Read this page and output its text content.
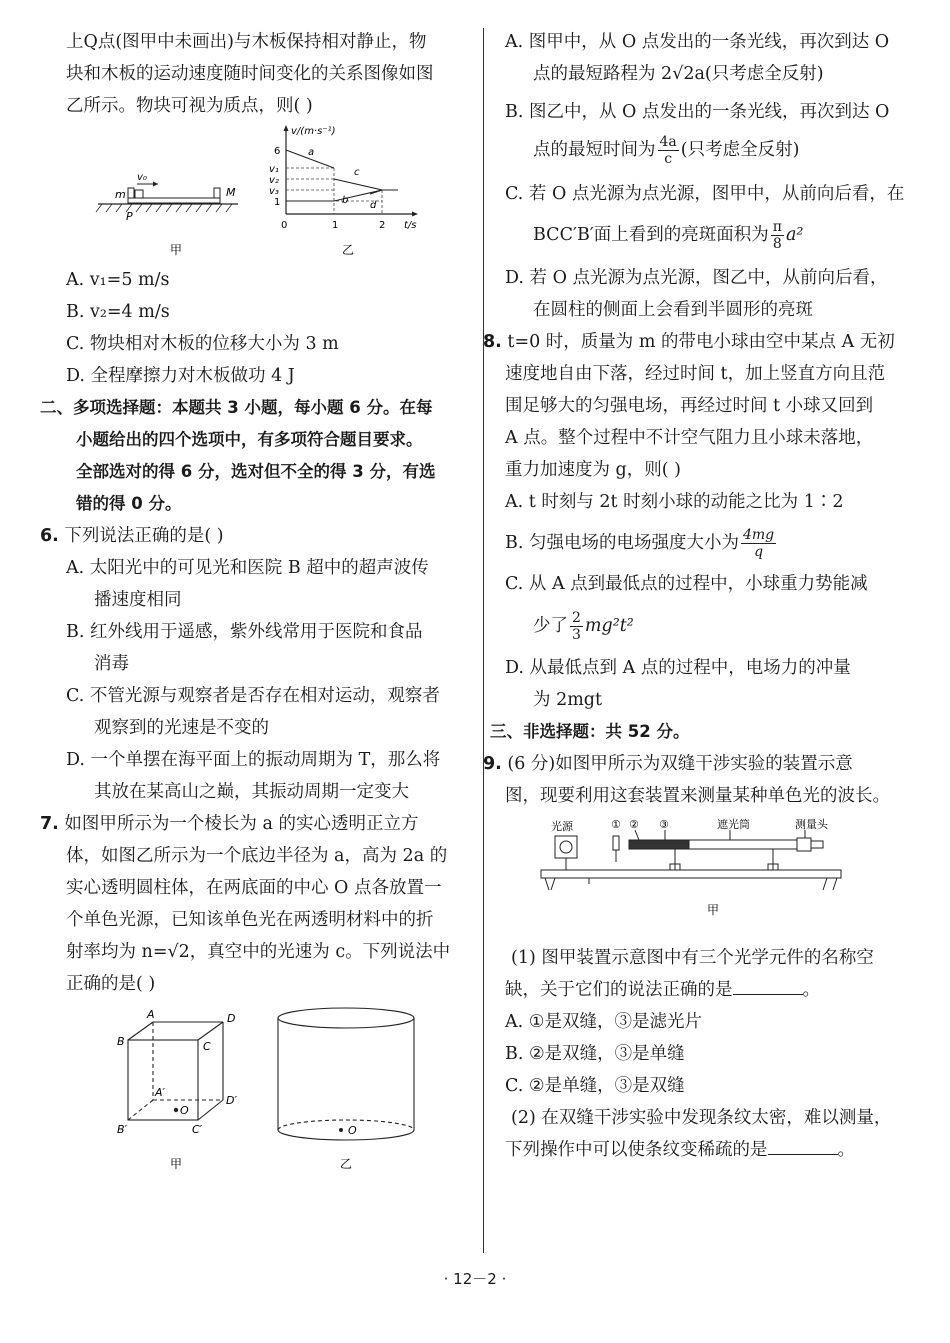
上Q点(图甲中未画出)与木板保持相对静止，物

块和木板的运动速度随时间变化的关系图像如图

乙所示。物块可视为质点，则( )

m
v₀
M
P
甲
v/(m·s⁻¹)
t/s
6
v₁
v₂
v₃
1
0	1	2
a
b
c
d
乙

A. v₁=5 m/s

B. v₂=4 m/s

C. 物块相对木板的位移大小为 3 m

D. 全程摩擦力对木板做功 4 J

二、多项选择题：本题共 3 小题，每小题 6 分。在每

小题给出的四个选项中，有多项符合题目要求。

全部选对的得 6 分，选对但不全的得 3 分，有选

错的得 0 分。

6. 下列说法正确的是( )

A. 太阳光中的可见光和医院 B 超中的超声波传

播速度相同

B. 红外线用于遥感，紫外线常用于医院和食品

消毒

C. 不管光源与观察者是否存在相对运动，观察者

观察到的光速是不变的

D. 一个单摆在海平面上的振动周期为 T，那么将

其放在某高山之巅，其振动周期一定变大

7. 如图甲所示为一个棱长为 a 的实心透明正立方

体，如图乙所示为一个底边半径为 a，高为 2a 的

实心透明圆柱体，在两底面的中心 O 点各放置一

个单色光源，已知该单色光在两透明材料中的折

射率均为 n=√2，真空中的光速为 c。下列说法中

正确的是( )

A	D
B	C
A′
D′
B′	C′
O
甲
O
乙

A. 图甲中，从 O 点发出的一条光线，再次到达 O

点的最短路程为 2√2a(只考虑全反射)

B. 图乙中，从 O 点发出的一条光线，再次到达 O

点的最短时间为 $\frac{4a}{c}$ (只考虑全反射)

C. 若 O 点光源为点光源，图甲中，从前向后看，在

BCC′B′面上看到的亮斑面积为 $\frac{\pi}{8} a^2$

D. 若 O 点光源为点光源，图乙中，从前向后看，

在圆柱的侧面上会看到半圆形的亮斑

8. t=0 时，质量为 m 的带电小球由空中某点 A 无初

速度地自由下落，经过时间 t，加上竖直方向且范

围足够大的匀强电场，再经过时间 t 小球又回到

A 点。整个过程中不计空气阻力且小球未落地，

重力加速度为 g，则( )

A. t 时刻与 2t 时刻小球的动能之比为 1∶2

B. 匀强电场的电场强度大小为 $\frac{4mg}{q}$

C. 从 A 点到最低点的过程中，小球重力势能减

少了 $\frac{2}{3} mg^2t^2$

D. 从最低点到 A 点的过程中，电场力的冲量

为 2mgt

三、非选择题：共 52 分。

9. (6 分)如图甲所示为双缝干涉实验的装置示意

图，现要利用这套装置来测量某种单色光的波长。

光源	① ② ③	遮光筒	测量头
甲

(1) 图甲装置示意图中有三个光学元件的名称空

缺，关于它们的说法正确的是	。

A. ①是双缝，③是滤光片

B. ②是双缝，③是单缝

C. ②是单缝，③是双缝

(2) 在双缝干涉实验中发现条纹太密，难以测量，

下列操作中可以使条纹变稀疏的是	。

· 12－2 ·
